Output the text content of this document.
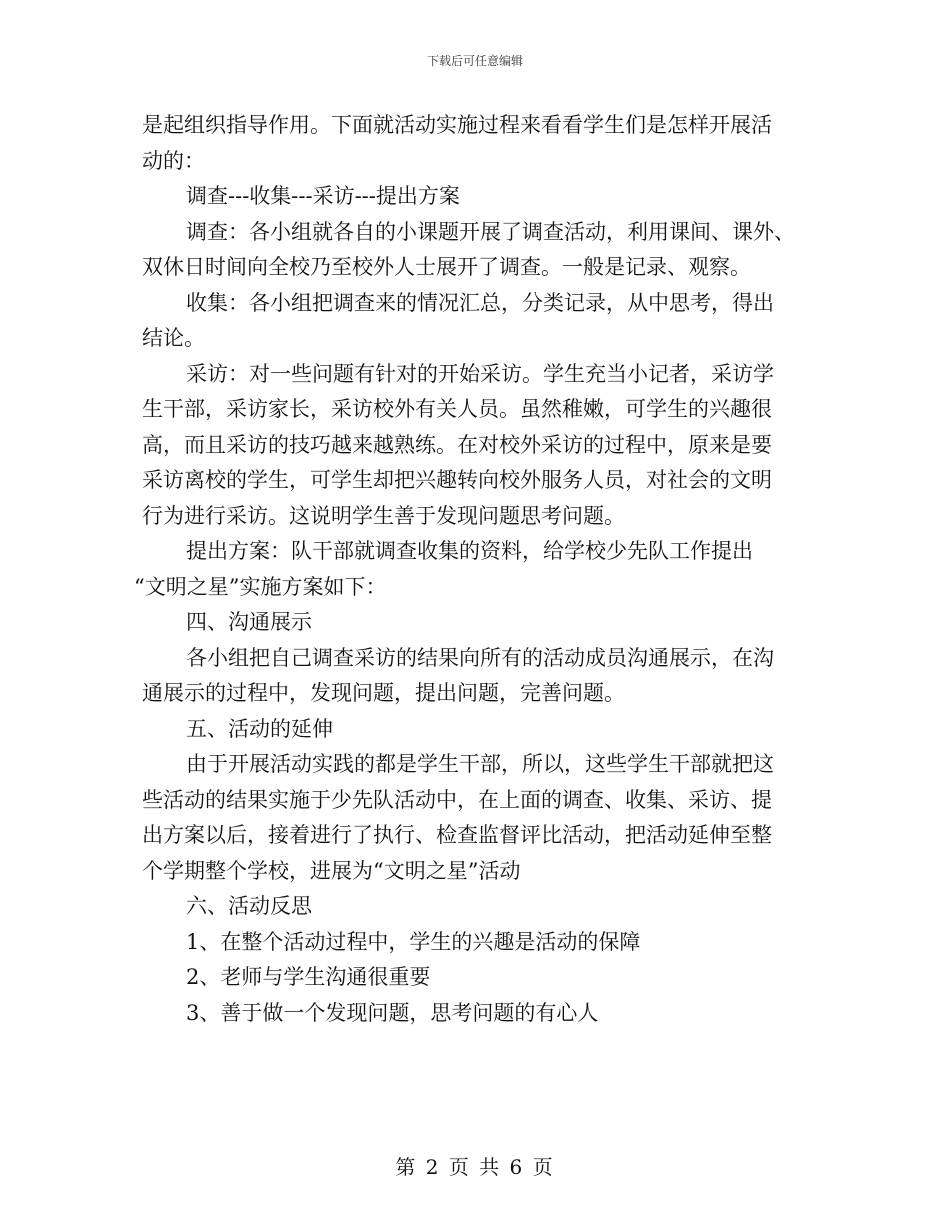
下载后可任意编辑
是起组织指导作用。下面就活动实施过程来看看学生们是怎样开展活
动的：
调查---收集---采访---提出方案
调查：各小组就各自的小课题开展了调查活动，利用课间、课外、
双休日时间向全校乃至校外人士展开了调查。一般是记录、观察。
收集：各小组把调查来的情况汇总，分类记录，从中思考，得出
结论。
采访：对一些问题有针对的开始采访。学生充当小记者，采访学
生干部，采访家长，采访校外有关人员。虽然稚嫩，可学生的兴趣很
高，而且采访的技巧越来越熟练。在对校外采访的过程中，原来是要
采访离校的学生，可学生却把兴趣转向校外服务人员，对社会的文明
行为进行采访。这说明学生善于发现问题思考问题。
提出方案：队干部就调查收集的资料，给学校少先队工作提出
“文明之星”实施方案如下：
四、沟通展示
各小组把自己调查采访的结果向所有的活动成员沟通展示，在沟
通展示的过程中，发现问题，提出问题，完善问题。
五、活动的延伸
由于开展活动实践的都是学生干部，所以，这些学生干部就把这
些活动的结果实施于少先队活动中，在上面的调查、收集、采访、提
出方案以后，接着进行了执行、检查监督评比活动，把活动延伸至整
个学期整个学校，进展为“文明之星”活动
六、活动反思
1、在整个活动过程中，学生的兴趣是活动的保障
2、老师与学生沟通很重要
3、善于做一个发现问题，思考问题的有心人
第 2 页 共 6 页
